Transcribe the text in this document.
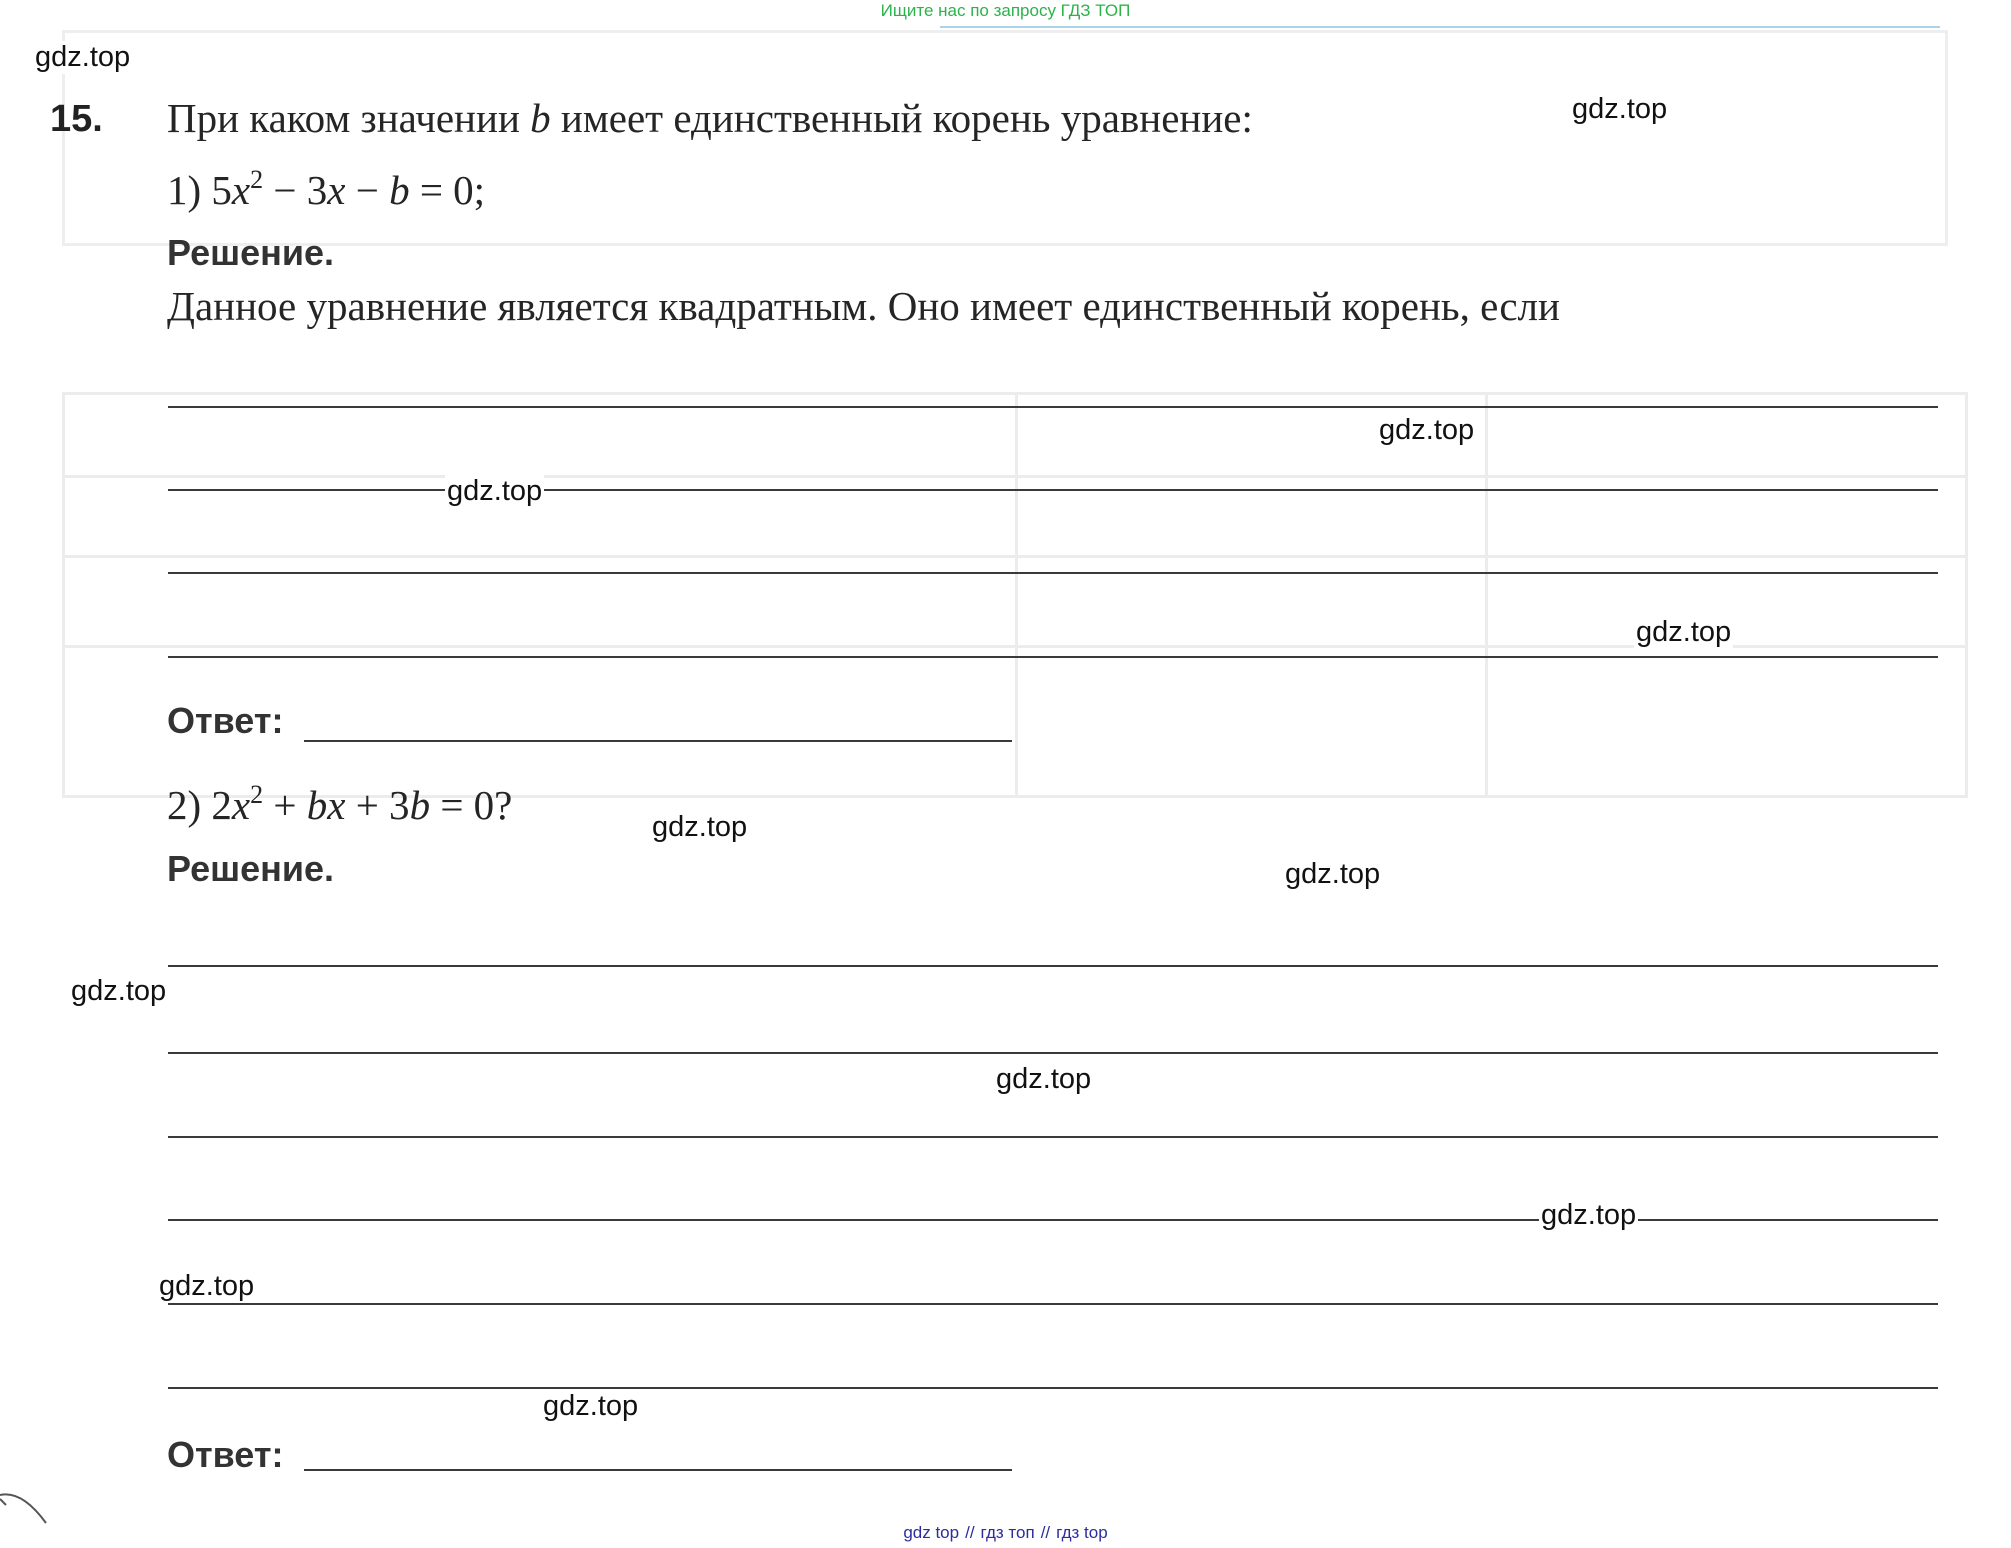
Ищите нас по запросу ГДЗ ТОП
15. При каком значении b имеет единственный корень уравнение:
1) $5x^2 - 3x - b = 0$;
Решение.
Данное уравнение является квадратным. Оно имеет единственный корень, если
Ответ:
2) $2x^2$ + bx + 3b = 0?
Решение.
Ответ:
gdz.top
gdz.top
gdz.top
gdz.top
gdz.top
gdz.top
gdz.top
gdz.top
gdz.top
gdz.top
gdz.top
gdz.top
gdz top // гдз топ // гдз top
